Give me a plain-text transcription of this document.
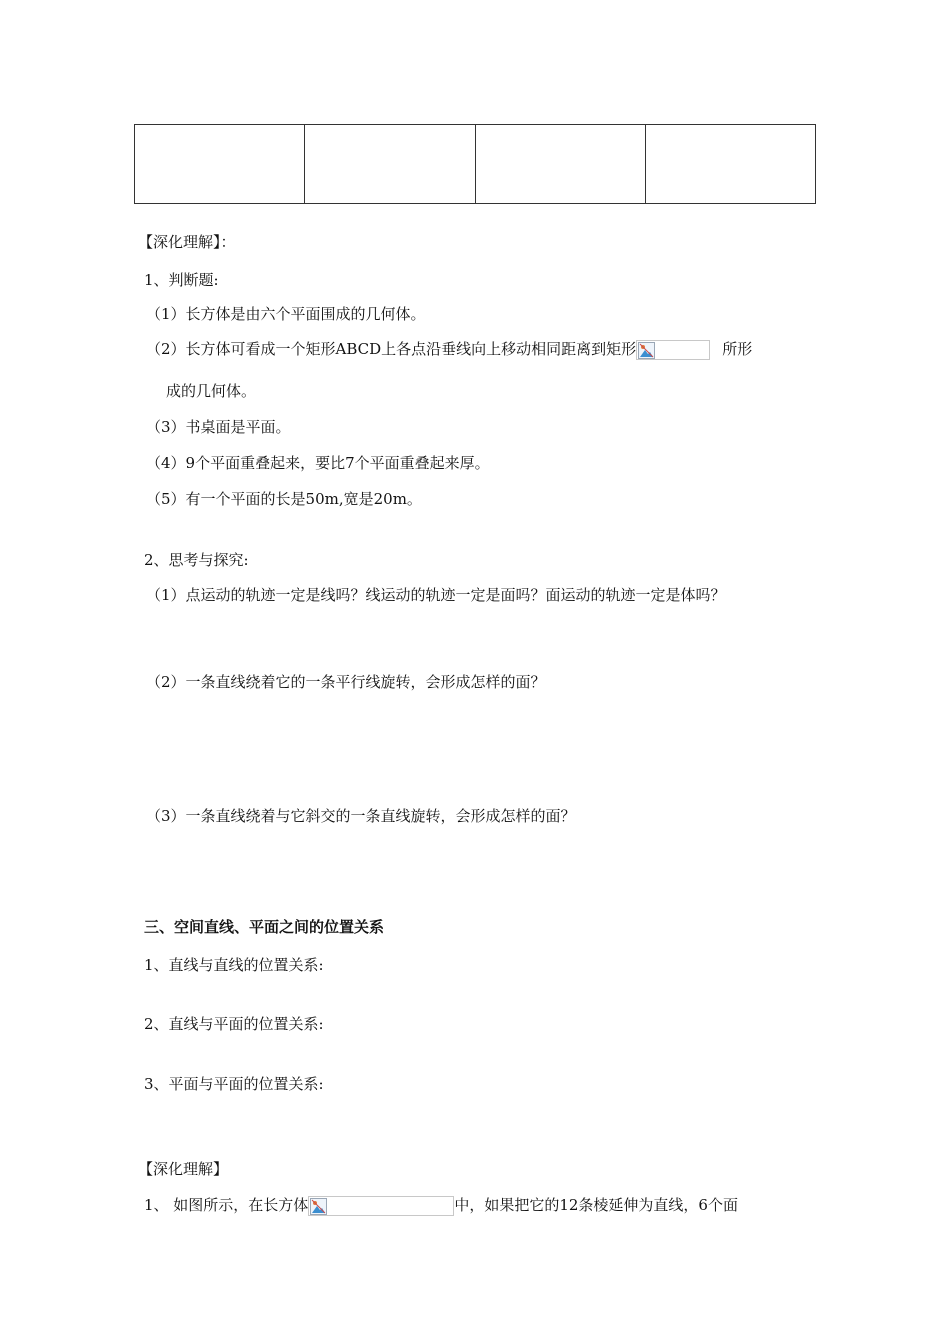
【深化理解】：
1、判断题:
（1）长方体是由六个平面围成的几何体。
（2）长方体可看成一个矩形ABCD上各点沿垂线向上移动相同距离到矩形	所形
成的几何体。
（3）书桌面是平面。
（4）9个平面重叠起来，要比7个平面重叠起来厚。
（5）有一个平面的长是50m,宽是20m。
2、思考与探究:
（1）点运动的轨迹一定是线吗？线运动的轨迹一定是面吗？面运动的轨迹一定是体吗？
（2）一条直线绕着它的一条平行线旋转，会形成怎样的面？
（3）一条直线绕着与它斜交的一条直线旋转，会形成怎样的面？
三、空间直线、平面之间的位置关系
1、直线与直线的位置关系:
2、直线与平面的位置关系:
3、平面与平面的位置关系:
【深化理解】
1、 如图所示，在长方体	中，如果把它的12条棱延伸为直线，6个面
